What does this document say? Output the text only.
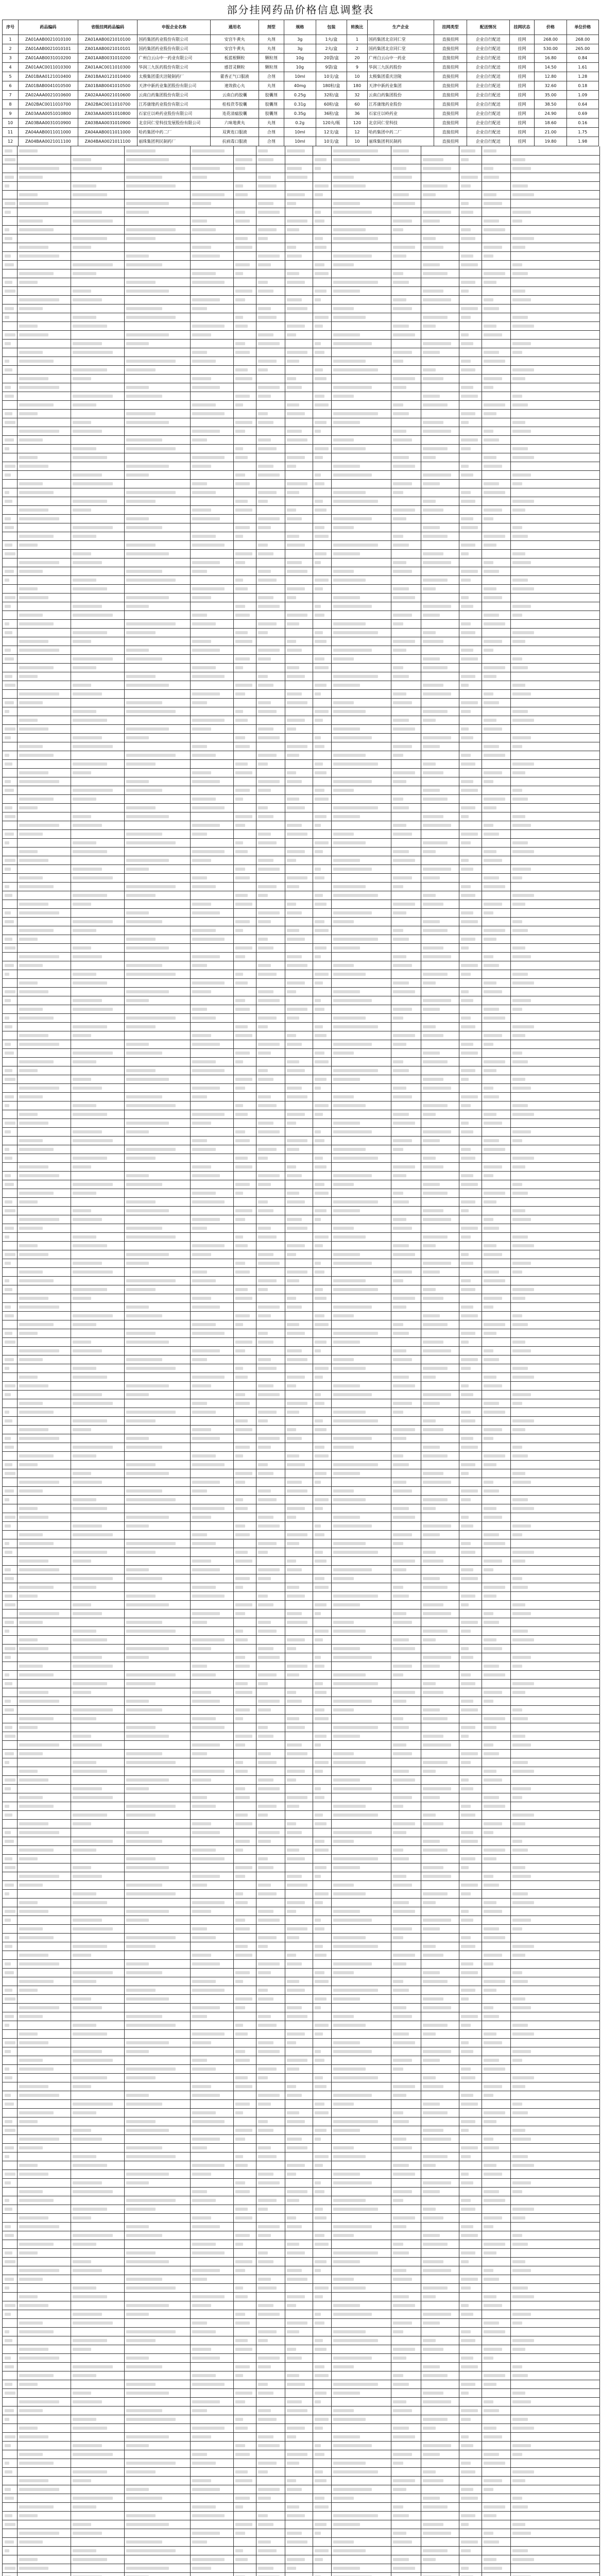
部分挂网药品价格信息调整表
序号	药品编码	省级挂网药品编码	申报企业名称	通用名	剂型	规格	包装	转换比	生产企业	挂网类型	配送情况	挂网状态	价格	单位价格
1	ZA01AAB0021010100	ZA01AAB0021010100	国药集团药业股份有限公司	安宫牛黄丸	丸剂	3g	1丸/盒	1	国药集团北京同仁堂	直接挂网	企业自行配送	挂网	268.00	268.00
2	ZA01AAB0021010101	ZA01AAB0021010101	国药集团药业股份有限公司	安宫牛黄丸	丸剂	3g	2丸/盒	2	国药集团北京同仁堂	直接挂网	企业自行配送	挂网	530.00	265.00
3	ZA01AAB0031010200	ZA01AAB0031010200	广州白云山中一药业有限公司	板蓝根颗粒	颗粒剂	10g	20袋/盒	20	广州白云山中一药业	直接挂网	企业自行配送	挂网	16.80	0.84
4	ZA01AAC0011010300	ZA01AAC0011010300	华润三九医药股份有限公司	感冒灵颗粒	颗粒剂	10g	9袋/盒	9	华润三九医药股份	直接挂网	企业自行配送	挂网	14.50	1.61
5	ZA01BAA0121010400	ZA01BAA0121010400	太极集团重庆涪陵制药厂	藿香正气口服液	合剂	10ml	10支/盒	10	太极集团重庆涪陵	直接挂网	企业自行配送	挂网	12.80	1.28
6	ZA01BAB0041010500	ZA01BAB0041010500	天津中新药业集团股份有限公司	速效救心丸	丸剂	40mg	180粒/盒	180	天津中新药业集团	直接挂网	企业自行配送	挂网	32.60	0.18
7	ZA02AAA0021010600	ZA02AAA0021010600	云南白药集团股份有限公司	云南白药胶囊	胶囊剂	0.25g	32粒/盒	32	云南白药集团股份	直接挂网	企业自行配送	挂网	35.00	1.09
8	ZA02BAC0011010700	ZA02BAC0011010700	江苏康缘药业股份有限公司	桂枝茯苓胶囊	胶囊剂	0.31g	60粒/盒	60	江苏康缘药业股份	直接挂网	企业自行配送	挂网	38.50	0.64
9	ZA03AAA0051010800	ZA03AAA0051010800	石家庄以岭药业股份有限公司	连花清瘟胶囊	胶囊剂	0.35g	36粒/盒	36	石家庄以岭药业	直接挂网	企业自行配送	挂网	24.90	0.69
10	ZA03BAA0031010900	ZA03BAA0031010900	北京同仁堂科技发展股份有限公司	六味地黄丸	丸剂	0.2g	120丸/瓶	120	北京同仁堂科技	直接挂网	企业自行配送	挂网	18.60	0.16
11	ZA04AAB0011011000	ZA04AAB0011011000	哈药集团中药二厂	双黄连口服液	合剂	10ml	12支/盒	12	哈药集团中药二厂	直接挂网	企业自行配送	挂网	21.00	1.75
12	ZA04BAA0021011100	ZA04BAA0021011100	丽珠集团利民制药厂	抗病毒口服液	合剂	10ml	10支/盒	10	丽珠集团利民制药	直接挂网	企业自行配送	挂网	19.80	1.98
